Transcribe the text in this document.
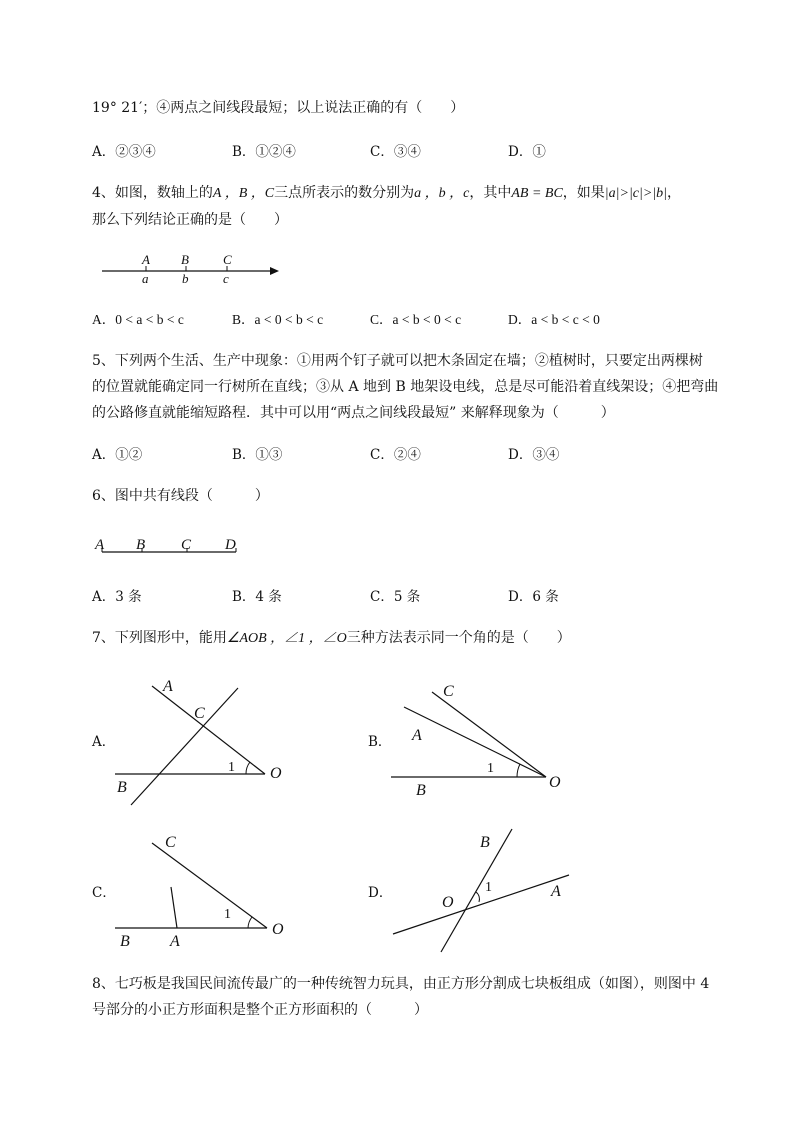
19° 21′；④两点之间线段最短；以上说法正确的有（　　）
A．②③④	B．①②④	C．③④	D．①
4、如图，数轴上的A ，B ，C三点所表示的数分别为a ，b ，c，其中AB = BC，如果|a|>|c|>|b|，
那么下列结论正确的是（　　）
A B	C
a	b	c
A．0 < a < b < c	B．a < 0 < b < c	C．a < b < 0 < c	D．a < b < c < 0
5、下列两个生活、生产中现象：①用两个钉子就可以把木条固定在墙；②植树时，只要定出两棵树
的位置就能确定同一行树所在直线；③从 A 地到 B 地架设电线，总是尽可能沿着直线架设；④把弯曲
的公路修直就能缩短路程．其中可以用“两点之间线段最短” 来解释现象为（　　　）
A．①②	B．①③	C．②④	D．③④
6、图中共有线段（　　　）
A B C D
A．3 条	B．4 条	C．5 条	D．6 条
7、下列图形中，能用∠AOB ，∠1 ，∠O三种方法表示同一个角的是（　　）
A．	B．
C．	D．
A
C
1 O
B
C
A
1
O
B
C
1
O
B	A
B
1
O
A
8、七巧板是我国民间流传最广的一种传统智力玩具，由正方形分割成七块板组成（如图），则图中 4
号部分的小正方形面积是整个正方形面积的（　　　）
